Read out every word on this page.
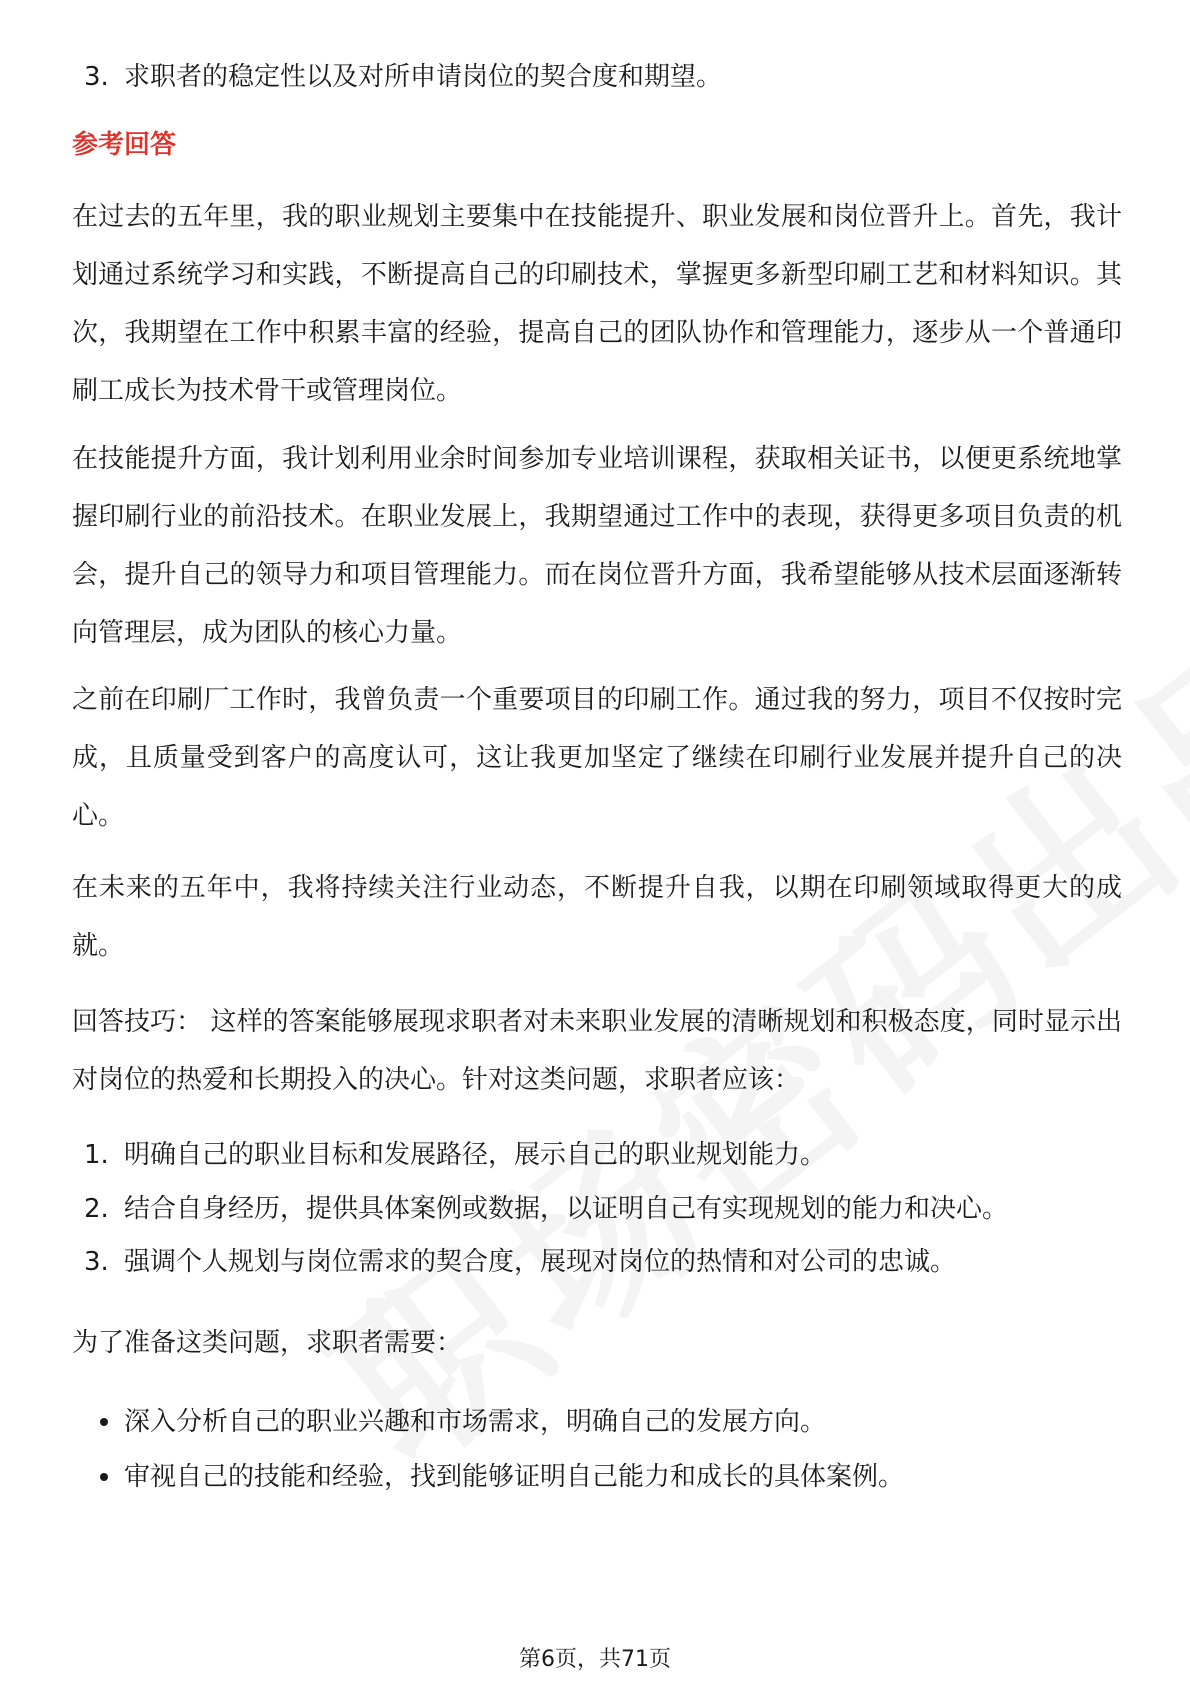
3. 求职者的稳定性以及对所申请岗位的契合度和期望。
参考回答
在过去的五年里，我的职业规划主要集中在技能提升、职业发展和岗位晋升上。首先，我计划通过系统学习和实践，不断提高自己的印刷技术，掌握更多新型印刷工艺和材料知识。其次，我期望在工作中积累丰富的经验，提高自己的团队协作和管理能力，逐步从一个普通印刷工成长为技术骨干或管理岗位。
在技能提升方面，我计划利用业余时间参加专业培训课程，获取相关证书，以便更系统地掌握印刷行业的前沿技术。在职业发展上，我期望通过工作中的表现，获得更多项目负责的机会，提升自己的领导力和项目管理能力。而在岗位晋升方面，我希望能够从技术层面逐渐转向管理层，成为团队的核心力量。
之前在印刷厂工作时，我曾负责一个重要项目的印刷工作。通过我的努力，项目不仅按时完成，且质量受到客户的高度认可，这让我更加坚定了继续在印刷行业发展并提升自己的决心。
在未来的五年中，我将持续关注行业动态，不断提升自我，以期在印刷领域取得更大的成就。
回答技巧： 这样的答案能够展现求职者对未来职业发展的清晰规划和积极态度，同时显示出对岗位的热爱和长期投入的决心。针对这类问题，求职者应该：
1. 明确自己的职业目标和发展路径，展示自己的职业规划能力。
2. 结合自身经历，提供具体案例或数据，以证明自己有实现规划的能力和决心。
3. 强调个人规划与岗位需求的契合度，展现对岗位的热情和对公司的忠诚。
为了准备这类问题，求职者需要：
深入分析自己的职业兴趣和市场需求，明确自己的发展方向。
审视自己的技能和经验，找到能够证明自己能力和成长的具体案例。
第6页，共71页
